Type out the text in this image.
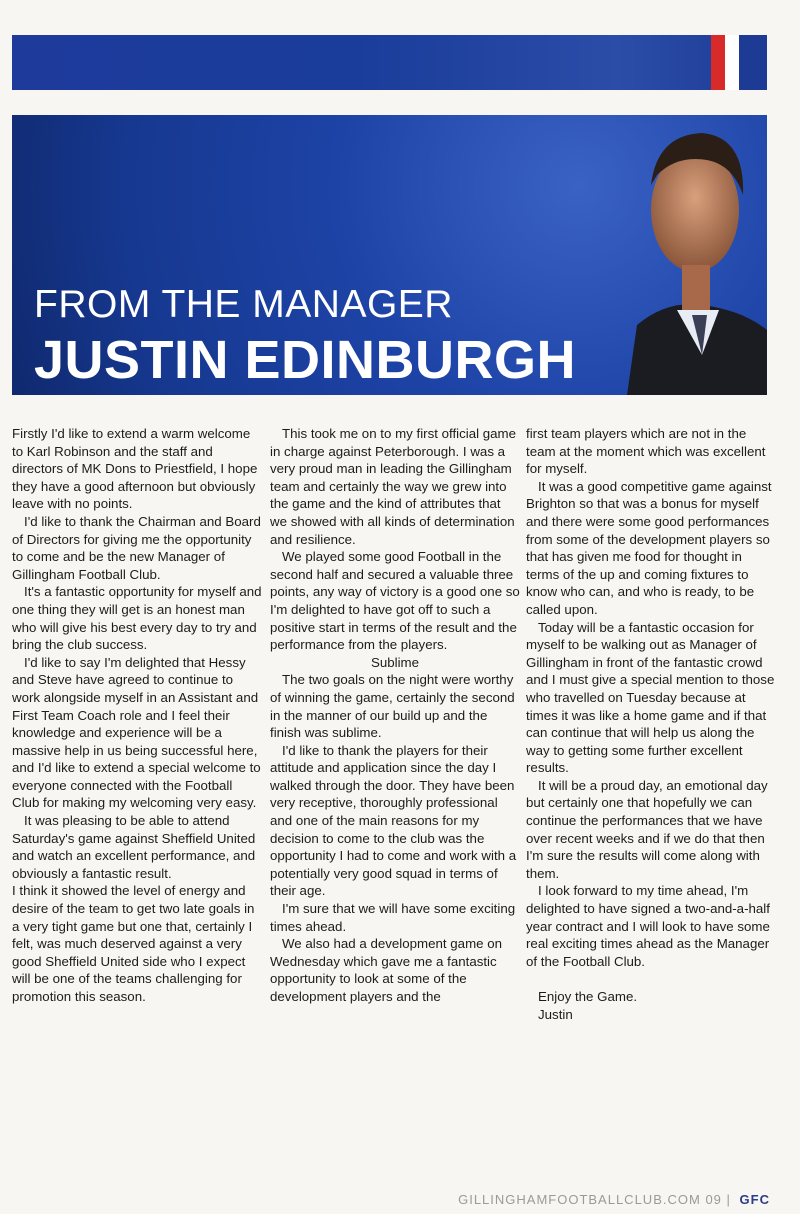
FROM THE MANAGER
JUSTIN EDINBURGH

Firstly I'd like to extend a warm welcome to Karl Robinson and the staff and directors of MK Dons to Priestfield, I hope they have a good afternoon but obviously leave with no points.

I'd like to thank the Chairman and Board of Directors for giving me the opportunity to come and be the new Manager of Gillingham Football Club.

It's a fantastic opportunity for myself and one thing they will get is an honest man who will give his best every day to try and bring the club success.

I'd like to say I'm delighted that Hessy and Steve have agreed to continue to work alongside myself in an Assistant and First Team Coach role and I feel their knowledge and experience will be a massive help in us being successful here, and I'd like to extend a special welcome to everyone connected with the Football Club for making my welcoming very easy.

It was pleasing to be able to attend Saturday's game against Sheffield United and watch an excellent performance, and obviously a fantastic result.

I think it showed the level of energy and desire of the team to get two late goals in a very tight game but one that, certainly I felt, was much deserved against a very good Sheffield United side who I expect will be one of the teams challenging for promotion this season.

This took me on to my first official game in charge against Peterborough. I was a very proud man in leading the Gillingham team and certainly the way we grew into the game and the kind of attributes that we showed with all kinds of determination and resilience.

We played some good Football in the second half and secured a valuable three points, any way of victory is a good one so I'm delighted to have got off to such a positive start in terms of the result and the performance from the players.

Sublime

The two goals on the night were worthy of winning the game, certainly the second in the manner of our build up and the finish was sublime.

I'd like to thank the players for their attitude and application since the day I walked through the door. They have been very receptive, thoroughly professional and one of the main reasons for my decision to come to the club was the opportunity I had to come and work with a potentially very good squad in terms of their age.

I'm sure that we will have some exciting times ahead.

We also had a development game on Wednesday which gave me a fantastic opportunity to look at some of the development players and the

first team players which are not in the team at the moment which was excellent for myself.

It was a good competitive game against Brighton so that was a bonus for myself and there were some good performances from some of the development players so that has given me food for thought in terms of the up and coming fixtures to know who can, and who is ready, to be called upon.

Today will be a fantastic occasion for myself to be walking out as Manager of Gillingham in front of the fantastic crowd and I must give a special mention to those who travelled on Tuesday because at times it was like a home game and if that can continue that will help us along the way to getting some further excellent results.

It will be a proud day, an emotional day but certainly one that hopefully we can continue the performances that we have over recent weeks and if we do that then I'm sure the results will come along with them.

I look forward to my time ahead, I'm delighted to have signed a two-and-a-half year contract and I will look to have some real exciting times ahead as the Manager of the Football Club.

Enjoy the Game.
Justin
GILLINGHAMFOOTBALLCLUB.COM 09 | GFC
